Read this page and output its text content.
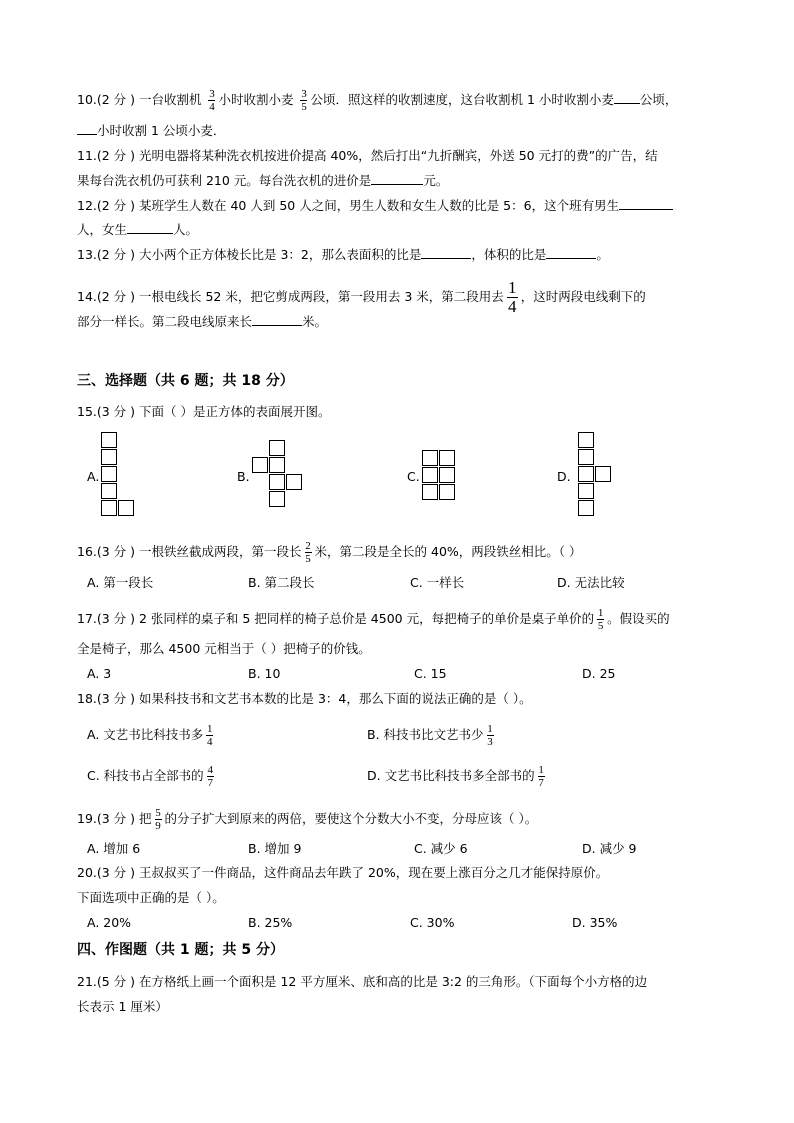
10.(2 分 ) 一台收割机 $\frac{3}{4}$ 小时收割小麦 $\frac{3}{5}$ 公顷．照这样的收割速度，这台收割机 1 小时收割小麦 公顷，
小时收割 1 公顷小麦．
11.(2 分 ) 光明电器将某种洗衣机按进价提高 40%，然后打出“九折酬宾，外送 50 元打的费”的广告，结
果每台洗衣机仍可获利 210 元。每台洗衣机的进价是	元。
12.(2 分 ) 某班学生人数在 40 人到 50 人之间，男生人数和女生人数的比是 5：6，这个班有男生
人，女生	人。
13.(2 分 ) 大小两个正方体棱长比是 3：2，那么表面积的比是	，体积的比是	。
14.(2 分 ) 一根电线长 52 米，把它剪成两段，第一段用去 3 米，第二段用去 $\frac{1}{4}$ ，这时两段电线剩下的
部分一样长。第二段电线原来长	米。
三、选择题（共 6 题；共 18 分）
15.(3 分 ) 下面（ ）是正方体的表面展开图。
A.	B.	C.	D.
16.(3 分 ) 一根铁丝截成两段，第一段长 $\frac{2}{5}$ 米，第二段是全长的 40%，两段铁丝相比。（ ）
A. 第一段长	B. 第二段长	C. 一样长	D. 无法比较
17.(3 分 ) 2 张同样的桌子和 5 把同样的椅子总价是 4500 元，每把椅子的单价是桌子单价的 $\frac{1}{5}$ 。假设买的
全是椅子，那么 4500 元相当于（ ）把椅子的价钱。
A. 3	B. 10	C. 15	D. 25
18.(3 分 ) 如果科技书和文艺书本数的比是 3：4，那么下面的说法正确的是（ ）。
A. 文艺书比科技书多 $\frac{1}{4}$	B. 科技书比文艺书少 $\frac{1}{3}$
C. 科技书占全部书的 $\frac{4}{7}$	D. 文艺书比科技书多全部书的 $\frac{1}{7}$
19.(3 分 ) 把 $\frac{5}{9}$ 的分子扩大到原来的两倍，要使这个分数大小不变，分母应该（ ）。
A. 增加 6	B. 增加 9	C. 减少 6	D. 减少 9
20.(3 分 ) 王叔叔买了一件商品，这件商品去年跌了 20%，现在要上涨百分之几才能保持原价。
下面选项中正确的是（ ）。
A. 20%	B. 25%	C. 30%	D. 35%
四、作图题（共 1 题；共 5 分）
21.(5 分 ) 在方格纸上画一个面积是 12 平方厘米、底和高的比是 3:2 的三角形。（下面每个小方格的边
长表示 1 厘米）
